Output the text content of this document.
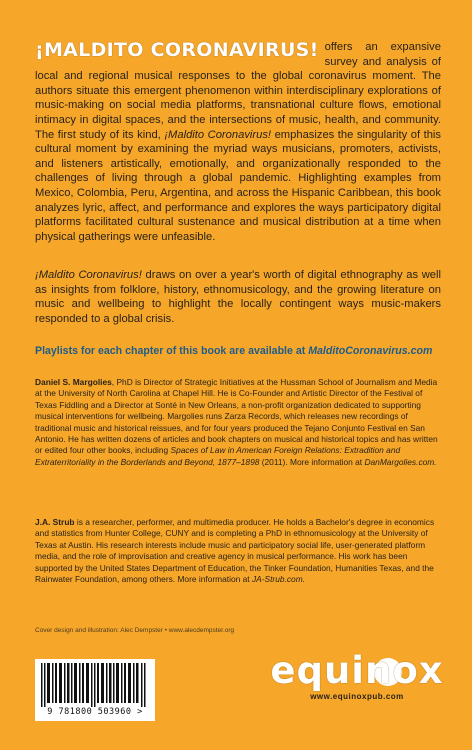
¡MALDITO CORONAVIRUS! offers an expansive survey and analysis of local and regional musical responses to the global coronavirus moment. The authors situate this emergent phenomenon within interdisciplinary explorations of music-making on social media platforms, transnational culture flows, emotional intimacy in digital spaces, and the intersections of music, health, and community. The first study of its kind, ¡Maldito Coronavirus! emphasizes the singularity of this cultural moment by examining the myriad ways musicians, promoters, activists, and listeners artistically, emotionally, and organizationally responded to the challenges of living through a global pandemic. Highlighting examples from Mexico, Colombia, Peru, Argentina, and across the Hispanic Caribbean, this book analyzes lyric, affect, and performance and explores the ways participatory digital platforms facilitated cultural sustenance and musical distribution at a time when physical gatherings were unfeasible.

¡Maldito Coronavirus! draws on over a year's worth of digital ethnography as well as insights from folklore, history, ethnomusicology, and the growing literature on music and wellbeing to highlight the locally contingent ways music-makers responded to a global crisis.

Playlists for each chapter of this book are available at MalditoCoronavirus.com

Daniel S. Margolies, PhD is Director of Strategic Initiatives at the Hussman School of Journalism and Media at the University of North Carolina at Chapel Hill. He is Co-Founder and Artistic Director of the Festival of Texas Fiddling and a Director at Sonté in New Orleans, a non-profit organization dedicated to supporting musical interventions for wellbeing. Margolies runs Zarza Records, which releases new recordings of traditional music and historical reissues, and for four years produced the Tejano Conjunto Festival en San Antonio. He has written dozens of articles and book chapters on musical and historical topics and has written or edited four other books, including Spaces of Law in American Foreign Relations: Extradition and Extraterritoriality in the Borderlands and Beyond, 1877–1898 (2011). More information at DanMargolies.com.

J.A. Strub is a researcher, performer, and multimedia producer. He holds a Bachelor's degree in economics and statistics from Hunter College, CUNY and is completing a PhD in ethnomusicology at the University of Texas at Austin. His research interests include music and participatory social life, user-generated platform media, and the role of improvisation and creative agency in musical performance. His work has been supported by the United States Department of Education, the Tinker Foundation, Humanities Texas, and the Rainwater Foundation, among others. More information at JA-Strub.com.

Cover design and illustration: Alec Dempster • www.alecdempster.org

9 781800 503960 >
equinox
www.equinoxpub.com
